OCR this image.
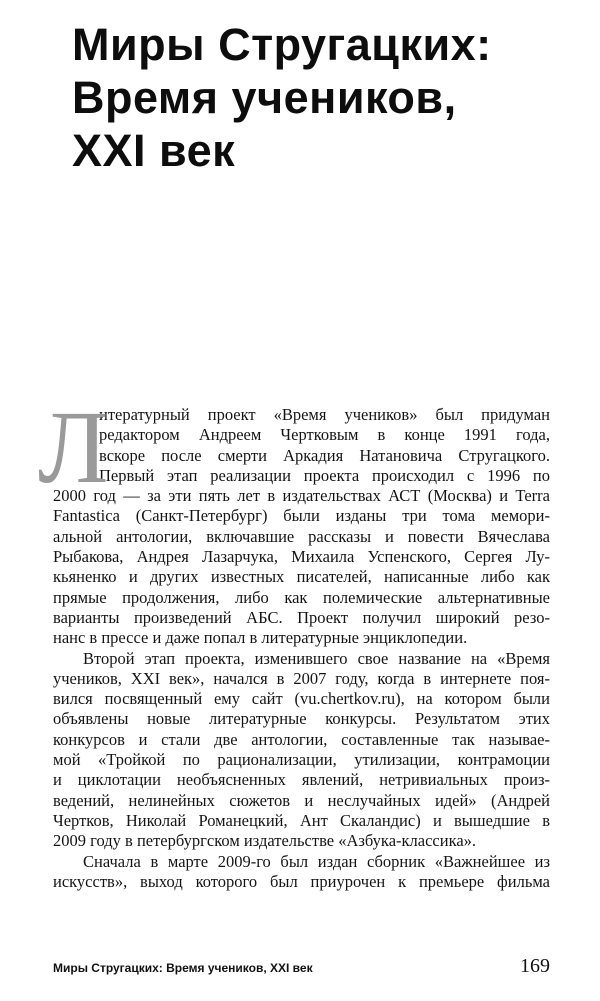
Миры Стругацких:
Время учеников,
XXI век
Л
итературный проект «Время учеников» был придуман
редактором Андреем Чертковым в конце 1991 года,
вскоре после смерти Аркадия Натановича Стругацкого.
Первый этап реализации проекта происходил с 1996 по
2000 год — за эти пять лет в издательствах АСТ (Москва) и Terra
Fantastica (Санкт-Петербург) были изданы три тома мемори-
альной антологии, включавшие рассказы и повести Вячеслава
Рыбакова, Андрея Лазарчука, Михаила Успенского, Сергея Лу-
кьяненко и других известных писателей, написанные либо как
прямые продолжения, либо как полемические альтернативные
варианты произведений АБС. Проект получил широкий резо-
нанс в прессе и даже попал в литературные энциклопедии.
Второй этап проекта, изменившего свое название на «Время
учеников, XXI век», начался в 2007 году, когда в интернете поя-
вился посвященный ему сайт (vu.chertkov.ru), на котором были
объявлены новые литературные конкурсы. Результатом этих
конкурсов и стали две антологии, составленные так называе-
мой «Тройкой по рационализации, утилизации, контрамоции
и циклотации необъясненных явлений, нетривиальных произ-
ведений, нелинейных сюжетов и неслучайных идей» (Андрей
Чертков, Николай Романецкий, Ант Скаландис) и вышедшие в
2009 году в петербургском издательстве «Азбука-классика».
Сначала в марте 2009-го был издан сборник «Важнейшее из
искусств», выход которого был приурочен к премьере фильма
Миры Стругацких: Время учеников, XXI век	169
